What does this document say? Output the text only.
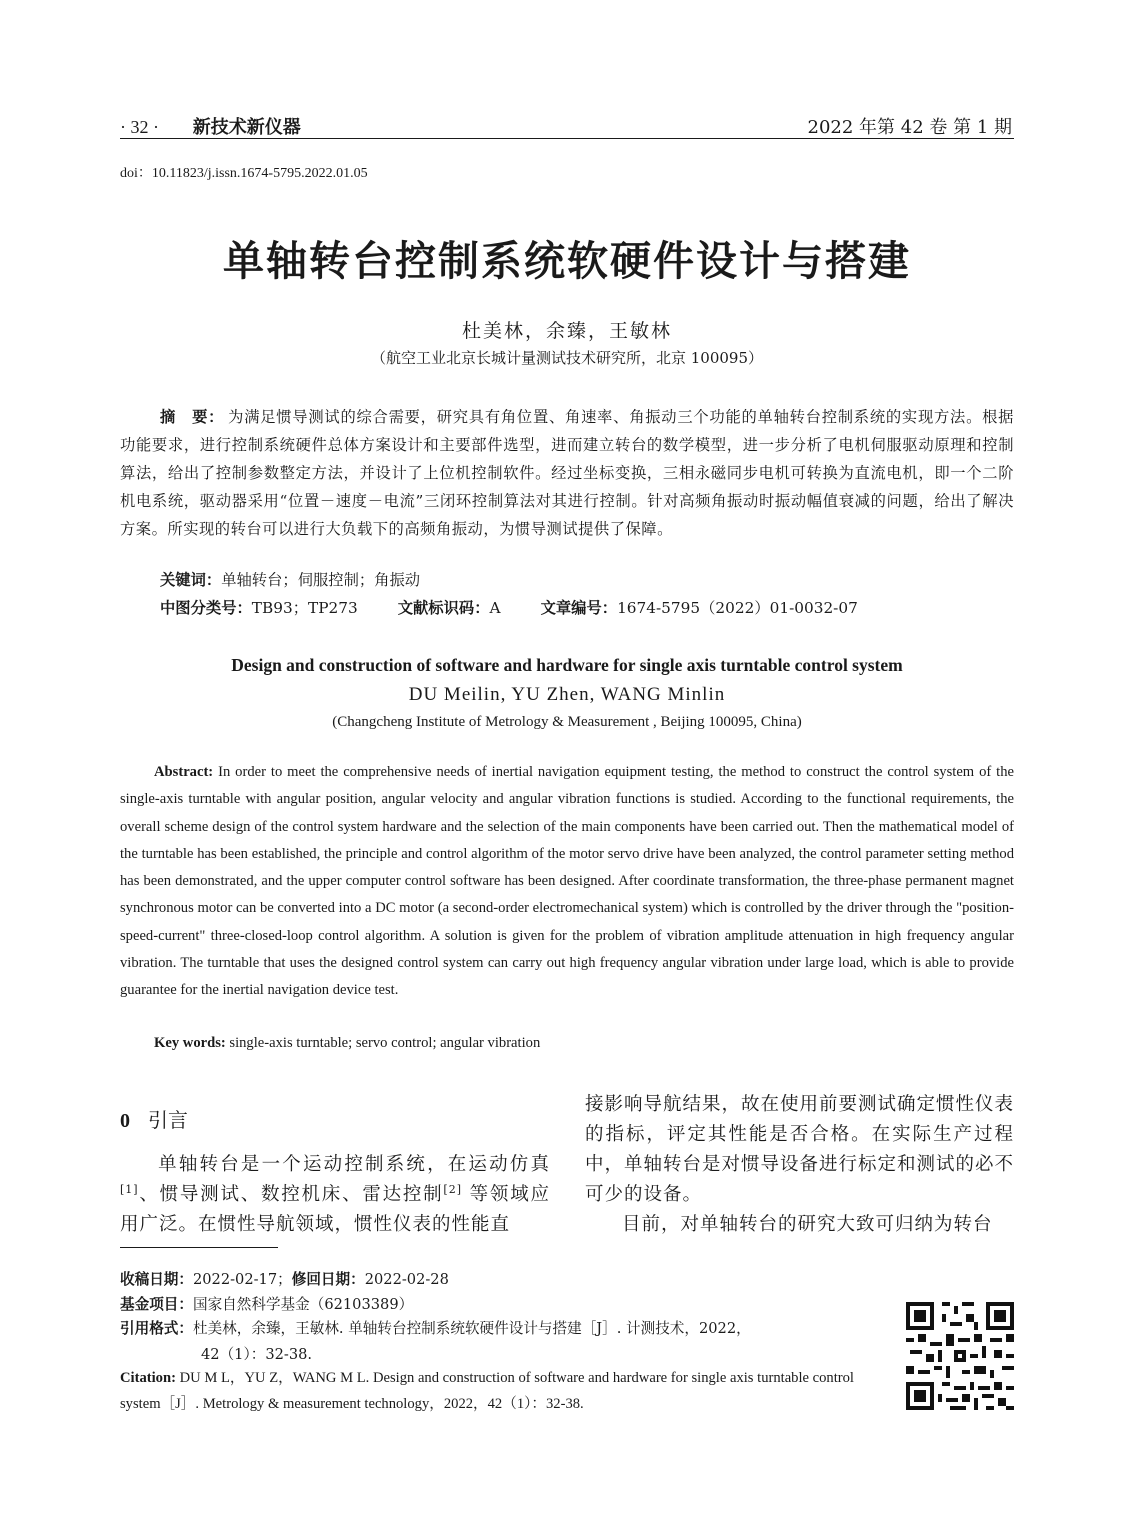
· 32 · 新技术新仪器	2022 年第 42 卷 第 1 期
doi：10.11823/j.issn.1674-5795.2022.01.05
单轴转台控制系统软硬件设计与搭建
杜美林，余臻，王敏林
（航空工业北京长城计量测试技术研究所，北京 100095）
摘　要： 为满足惯导测试的综合需要，研究具有角位置、角速率、角振动三个功能的单轴转台控制系统的实现方法。根据功能要求，进行控制系统硬件总体方案设计和主要部件选型，进而建立转台的数学模型，进一步分析了电机伺服驱动原理和控制算法，给出了控制参数整定方法，并设计了上位机控制软件。经过坐标变换，三相永磁同步电机可转换为直流电机，即一个二阶机电系统，驱动器采用“位置－速度－电流”三闭环控制算法对其进行控制。针对高频角振动时振动幅值衰减的问题，给出了解决方案。所实现的转台可以进行大负载下的高频角振动，为惯导测试提供了保障。
关键词：单轴转台；伺服控制；角振动
中图分类号：TB93；TP273	文献标识码：A	文章编号：1674-5795（2022）01-0032-07
Design and construction of software and hardware for single axis turntable control system
DU Meilin, YU Zhen, WANG Minlin
(Changcheng Institute of Metrology & Measurement , Beijing 100095, China)
Abstract: In order to meet the comprehensive needs of inertial navigation equipment testing, the method to construct the control system of the single-axis turntable with angular position, angular velocity and angular vibration functions is studied. According to the functional requirements, the overall scheme design of the control system hardware and the selection of the main components have been carried out. Then the mathematical model of the turntable has been established, the principle and control algorithm of the motor servo drive have been analyzed, the control parameter setting method has been demonstrated, and the upper computer control software has been designed. After coordinate transformation, the three-phase permanent magnet synchronous motor can be converted into a DC motor (a second-order electromechanical system) which is controlled by the driver through the "position-speed-current" three-closed-loop control algorithm. A solution is given for the problem of vibration amplitude attenuation in high frequency angular vibration. The turntable that uses the designed control system can carry out high frequency angular vibration under large load, which is able to provide guarantee for the inertial navigation device test.
Key words: single-axis turntable; servo control; angular vibration
0 引言
单轴转台是一个运动控制系统，在运动仿真[1]、惯导测试、数控机床、雷达控制[2] 等领域应用广泛。在惯性导航领域，惯性仪表的性能直

接影响导航结果，故在使用前要测试确定惯性仪表的指标，评定其性能是否合格。在实际生产过程中，单轴转台是对惯导设备进行标定和测试的必不可少的设备。

目前，对单轴转台的研究大致可归纳为转台

收稿日期：2022-02-17；修回日期：2022-02-28
基金项目：国家自然科学基金（62103389）
引用格式：杜美林，余臻，王敏林. 单轴转台控制系统软硬件设计与搭建［J］. 计测技术，2022，
42（1）：32-38.
Citation: DU M L，YU Z，WANG M L. Design and construction of software and hardware for single axis turntable control system［J］. Metrology & measurement technology，2022，42（1）：32-38.
